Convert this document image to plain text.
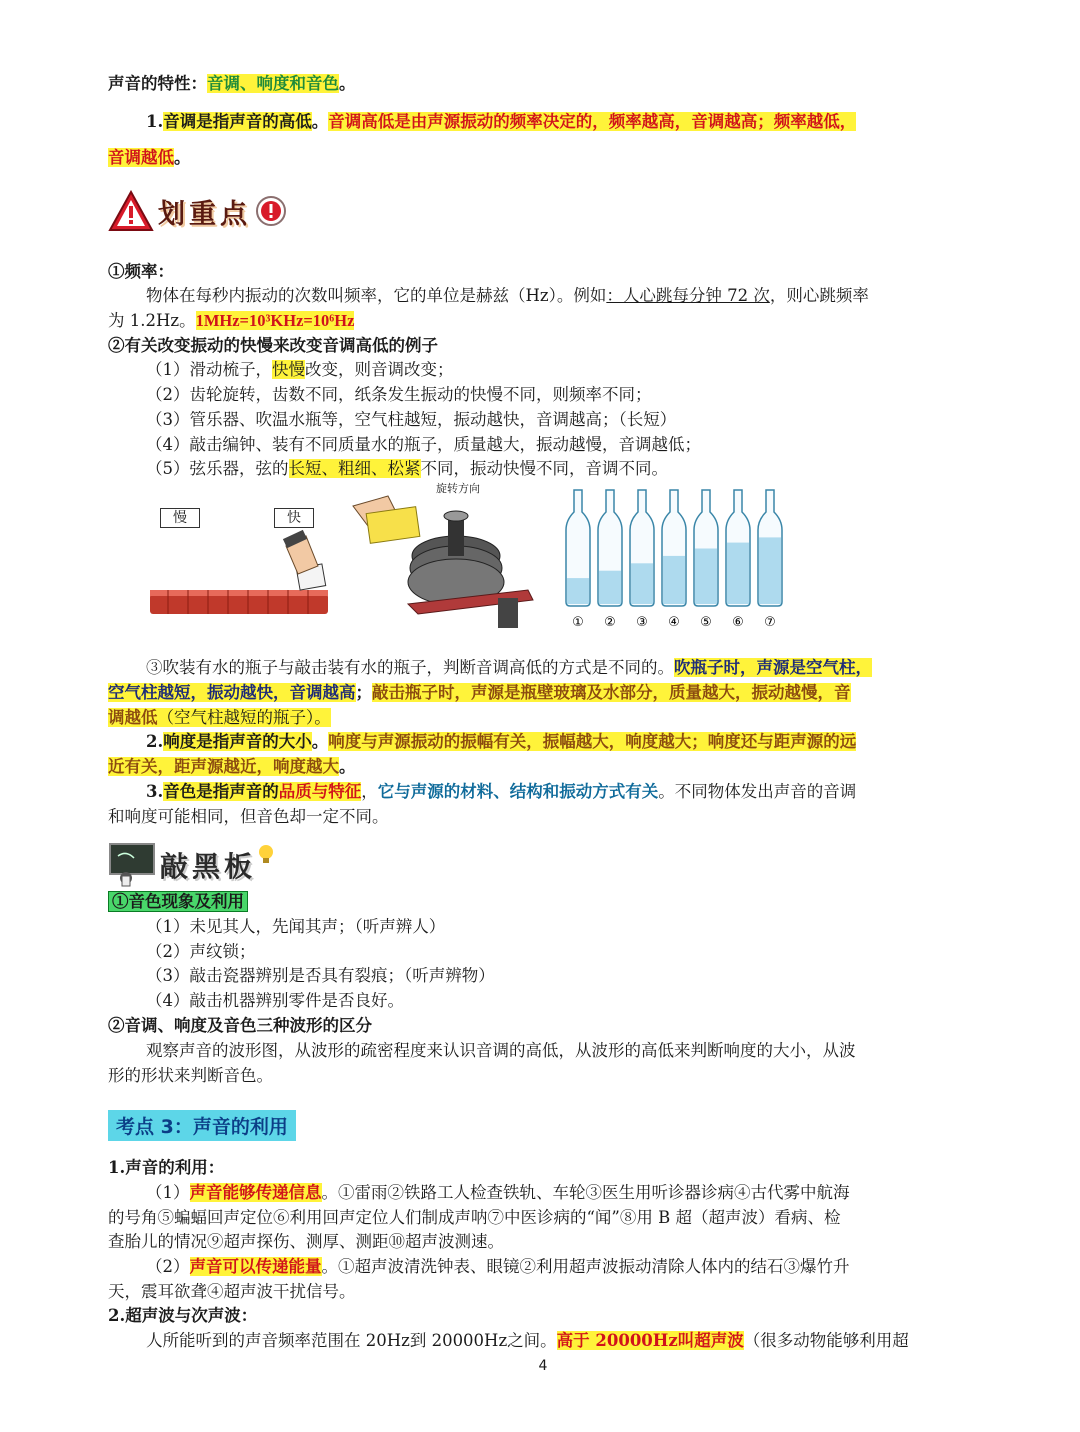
声音的特性：音调、响度和音色。
1.音调是指声音的高低。音调高低是由声源振动的频率决定的，频率越高，音调越高；频率越低，
音调越低。
划重点
①频率：
物体在每秒内振动的次数叫频率，它的单位是赫兹（Hz）。例如：人心跳每分钟 72 次，则心跳频率
为 1.2Hz。1MHz=10³KHz=10⁶Hz
②有关改变振动的快慢来改变音调高低的例子
（1）滑动梳子，快慢改变，则音调改变；
（2）齿轮旋转，齿数不同，纸条发生振动的快慢不同，则频率不同；
（3）管乐器、吹温水瓶等，空气柱越短，振动越快，音调越高；（长短）
（4）敲击编钟、装有不同质量水的瓶子，质量越大，振动越慢，音调越低；
（5）弦乐器，弦的长短、粗细、松紧不同，振动快慢不同，音调不同。
慢	快
旋转方向
① ② ③ ④ ⑤ ⑥ ⑦
③吹装有水的瓶子与敲击装有水的瓶子，判断音调高低的方式是不同的。吹瓶子时，声源是空气柱，
空气柱越短，振动越快，音调越高；敲击瓶子时，声源是瓶壁玻璃及水部分，质量越大，振动越慢，音
调越低（空气柱越短的瓶子）。
2.响度是指声音的大小。响度与声源振动的振幅有关，振幅越大，响度越大；响度还与距声源的远
近有关，距声源越近，响度越大。
3.音色是指声音的品质与特征，它与声源的材料、结构和振动方式有关。不同物体发出声音的音调
和响度可能相同，但音色却一定不同。
敲黑板
①音色现象及利用
（1）未见其人，先闻其声；（听声辨人）
（2）声纹锁；
（3）敲击瓷器辨别是否具有裂痕；（听声辨物）
（4）敲击机器辨别零件是否良好。
②音调、响度及音色三种波形的区分
观察声音的波形图，从波形的疏密程度来认识音调的高低，从波形的高低来判断响度的大小，从波
形的形状来判断音色。
考点 3：声音的利用
1.声音的利用：
（1）声音能够传递信息。①雷雨②铁路工人检查铁轨、车轮③医生用听诊器诊病④古代雾中航海
的号角⑤蝙蝠回声定位⑥利用回声定位人们制成声呐⑦中医诊病的“闻”⑧用 B 超（超声波）看病、检
查胎儿的情况⑨超声探伤、测厚、测距⑩超声波测速。
（2）声音可以传递能量。①超声波清洗钟表、眼镜②利用超声波振动清除人体内的结石③爆竹升
天，震耳欲聋④超声波干扰信号。
2.超声波与次声波：
人所能听到的声音频率范围在 20Hz到 20000Hz之间。高于 20000Hz叫超声波（很多动物能够利用超
4
